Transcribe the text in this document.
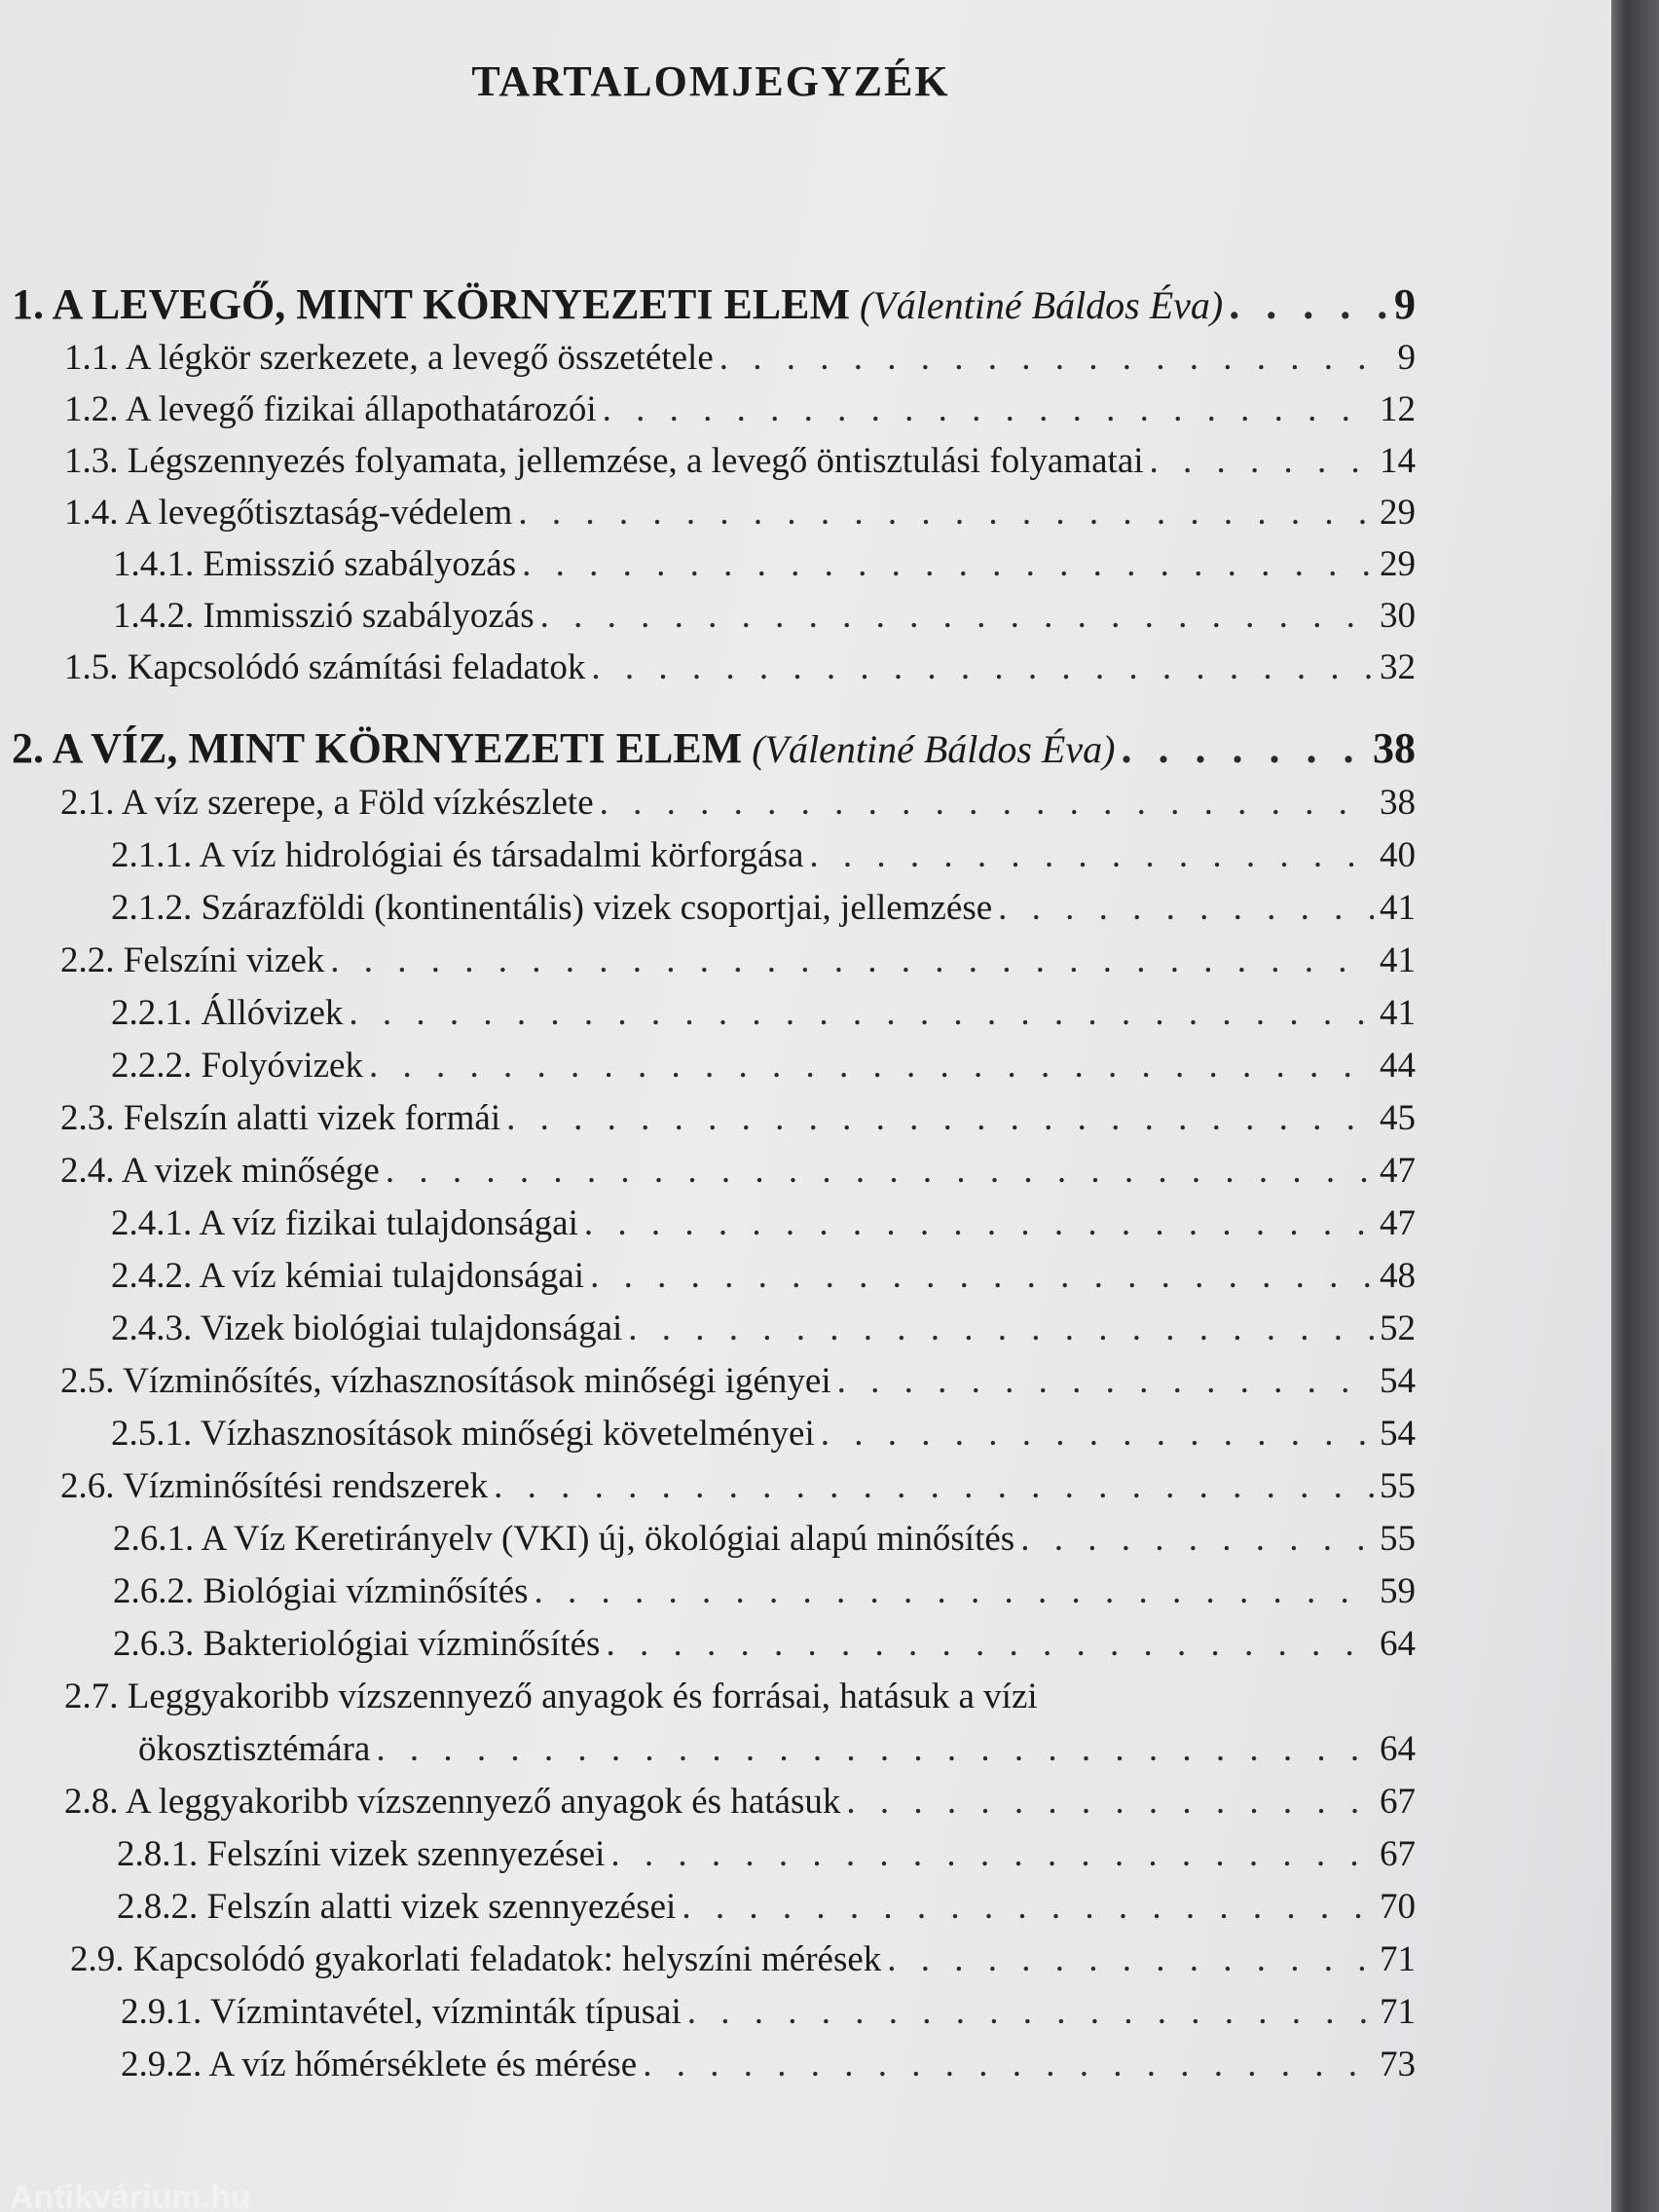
TARTALOMJEGYZÉK
1. A LEVEGŐ, MINT KÖRNYEZETI ELEM (Válentiné Báldos Éva) . . .	9
1.1. A légkör szerkezete, a levegő összetétele . . .	9
1.2. A levegő fizikai állapothatározói . . .	12
1.3. Légszennyezés folyamata, jellemzése, a levegő öntisztulási folyamatai . . .	14
1.4. A levegőtisztaság-védelem . . .	29
1.4.1. Emisszió szabályozás . . .	29
1.4.2. Immisszió szabályozás . . .	30
1.5. Kapcsolódó számítási feladatok . . .	32
2. A VÍZ, MINT KÖRNYEZETI ELEM (Válentiné Báldos Éva) . . .	38
2.1. A víz szerepe, a Föld vízkészlete . . .	38
2.1.1. A víz hidrológiai és társadalmi körforgása . . .	40
2.1.2. Szárazföldi (kontinentális) vizek csoportjai, jellemzése . . .	41
2.2. Felszíni vizek . . .	41
2.2.1. Állóvizek . . .	41
2.2.2. Folyóvizek . . .	44
2.3. Felszín alatti vizek formái . . .	45
2.4. A vizek minősége . . .	47
2.4.1. A víz fizikai tulajdonságai . . .	47
2.4.2. A víz kémiai tulajdonságai . . .	48
2.4.3. Vizek biológiai tulajdonságai . . .	52
2.5. Vízminősítés, vízhasznosítások minőségi igényei . . .	54
2.5.1. Vízhasznosítások minőségi követelményei . . .	54
2.6. Vízminősítési rendszerek . . .	55
2.6.1. A Víz Keretirányelv (VKI) új, ökológiai alapú minősítés . . .	55
2.6.2. Biológiai vízminősítés . . .	59
2.6.3. Bakteriológiai vízminősítés . . .	64
2.7. Leggyakoribb vízszennyező anyagok és forrásai, hatásuk a vízi
ökosztisztémára . . .	64
2.8. A leggyakoribb vízszennyező anyagok és hatásuk . . .	67
2.8.1. Felszíni vizek szennyezései . . .	67
2.8.2. Felszín alatti vizek szennyezései . . .	70
2.9. Kapcsolódó gyakorlati feladatok: helyszíni mérések . . .	71
2.9.1. Vízmintavétel, vízminták típusai . . .	71
2.9.2. A víz hőmérséklete és mérése . . .	73
Antikvárium.hu
